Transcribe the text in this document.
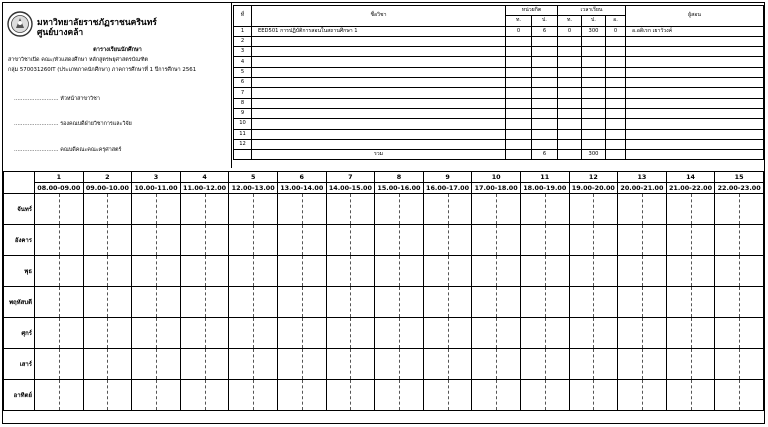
มหาวิทยาลัยราชภัฏราชนครินทร์
ศูนย์บางคล้า
ตารางเรียนนักศึกษา
สาขาวิชาเปิด คณะ/หัวแสดงศึกษา หลักสูตรพยุศาสตรบัณฑิต
กลุ่ม 570031260IT (ประเภทภาคนักศึกษา) ภาคการศึกษาที่ 1 ปีการศึกษา 2561
.......................... หัวหน้าสาขาวิชา
.......................... รองคณบดีฝ่ายวิชาการและวิจัย
.......................... คณบดีคณะคณะครุศาสตร์
ที่	ชื่อวิชา	หน่วยกิต		เวลาเรียน			ผู้สอน
		ท.	ป.	ท.	ป.	อ.	
1	EED501 การปฏิบัติการสอนในสถานศึกษา 1	0	6	0	300	0	อ.อดิเรก เยาวัวงค์
2							
3							
4							
5							
6							
7							
8							
9							
10							
11							
12							
	รวม		6		300		
	1	2	3	4	5	6	7	8	9	10	11	12	13	14	15
	08.00-09.00	09.00-10.00	10.00-11.00	11.00-12.00	12.00-13.00	13.00-14.00	14.00-15.00	15.00-16.00	16.00-17.00	17.00-18.00	18.00-19.00	19.00-20.00	20.00-21.00	21.00-22.00	22.00-23.00
จันทร์															
อังคาร															
พุธ															
พฤหัสบดี															
ศุกร์															
เสาร์															
อาทิตย์															
